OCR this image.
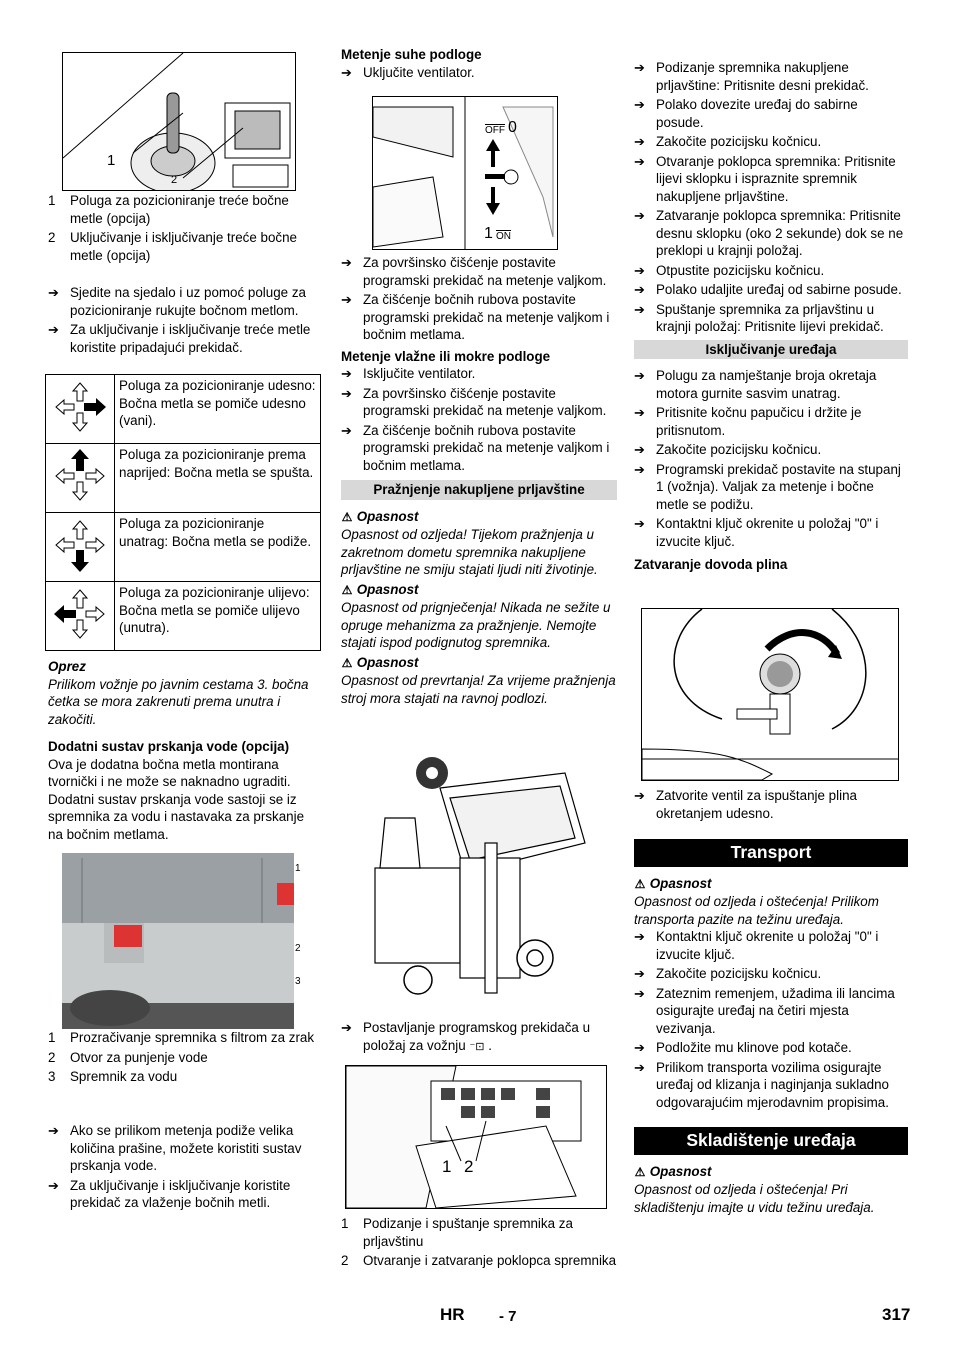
1
2
1 Poluga za pozicioniranje treće bočne metle (opcija)
2 Uključivanje i isključivanje treće bočne metle (opcija)
➔ Sjedite na sjedalo i uz pomoć poluge za pozicioniranje rukujte bočnom metlom.
➔ Za uključivanje i isključivanje treće metle koristite pripadajući prekidač.
	Poluga za pozicioniranje udesno: Bočna metla se pomiče udesno (vani).
	Poluga za pozicioniranje prema naprijed: Bočna metla se spušta.
	Poluga za pozicioniranje unatrag: Bočna metla se podiže.
	Poluga za pozicioniranje ulijevo: Bočna metla se pomiče ulijevo (unutra).

Oprez

Prilikom vožnje po javnim cestama 3. bočna četka se mora zakrenuti prema unutra i zakočiti.

Dodatni sustav prskanja vode (opcija)

Ova je dodatna bočna metla montirana tvornički i ne može se naknadno ugraditi. Dodatni sustav prskanja vode sastoji se iz spremnika za vodu i nastavaka za prskanje na bočnim metlama.

1
2
3
1 Prozračivanje spremnika s filtrom za zrak
2 Otvor za punjenje vode
3 Spremnik za vodu
➔ Ako se prilikom metenja podiže velika količina prašine, možete koristiti sustav prskanja vode.
➔ Za uključivanje i isključivanje koristite prekidač za vlaženje bočnih metli.

Metenje suhe podloge

➔ Uključite ventilator.
$\overline{OFF}$ 0
1 $\overline{ON}$
➔ Za površinsko čišćenje postavite programski prekidač na metenje valjkom.
➔ Za čišćenje bočnih rubova postavite programski prekidač na metenje valjkom i bočnim metlama.

Metenje vlažne ili mokre podloge

➔ Isključite ventilator.
➔ Za površinsko čišćenje postavite programski prekidač na metenje valjkom.
➔ Za čišćenje bočnih rubova postavite programski prekidač na metenje valjkom i bočnim metlama.
Pražnjenje nakupljene prljavštine

⚠ Opasnost

Opasnost od ozljeda! Tijekom pražnjenja u zakretnom dometu spremnika nakupljene prljavštine ne smiju stajati ljudi niti životinje.

⚠ Opasnost

Opasnost od prignječenja! Nikada ne sežite u opruge mehanizma za pražnjenje. Nemojte stajati ispod podignutog spremnika.

⚠ Opasnost

Opasnost od prevrtanja! Za vrijeme pražnjenja stroj mora stajati na ravnoj podlozi.

➔ Postavljanje programskog prekidača u položaj za vožnju ⁻⊡ .
1 2
1 Podizanje i spuštanje spremnika za prljavštinu
2 Otvaranje i zatvaranje poklopca spremnika
➔ Podizanje spremnika nakupljene prljavštine: Pritisnite desni prekidač.
➔ Polako dovezite uređaj do sabirne posude.
➔ Zakočite pozicijsku kočnicu.
➔ Otvaranje poklopca spremnika: Pritisnite lijevi sklopku i ispraznite spremnik nakupljene prljavštine.
➔ Zatvaranje poklopca spremnika: Pritisnite desnu sklopku (oko 2 sekunde) dok se ne preklopi u krajnji položaj.
➔ Otpustite pozicijsku kočnicu.
➔ Polako udaljite uređaj od sabirne posude.
➔ Spuštanje spremnika za prljavštinu u krajnji položaj: Pritisnite lijevi prekidač.
Isključivanje uređaja
➔ Polugu za namještanje broja okretaja motora gurnite sasvim unatrag.
➔ Pritisnite kočnu papučicu i držite je pritisnutom.
➔ Zakočite pozicijsku kočnicu.
➔ Programski prekidač postavite na stupanj 1 (vožnja). Valjak za metenje i bočne metle se podižu.
➔ Kontaktni ključ okrenite u položaj "0" i izvucite ključ.

Zatvaranje dovoda plina

➔ Zatvorite ventil za ispuštanje plina okretanjem udesno.
Transport

⚠ Opasnost

Opasnost od ozljeda i oštećenja! Prilikom transporta pazite na težinu uređaja.

➔ Kontaktni ključ okrenite u položaj "0" i izvucite ključ.
➔ Zakočite pozicijsku kočnicu.
➔ Zateznim remenjem, užadima ili lancima osigurajte uređaj na četiri mjesta vezivanja.
➔ Podložite mu klinove pod kotače.
➔ Prilikom transporta vozilima osigurajte uređaj od klizanja i naginjanja sukladno odgovarajućim mjerodavnim propisima.
Skladištenje uređaja

⚠ Opasnost

Opasnost od ozljeda i oštećenja! Pri skladištenju imajte u vidu težinu uređaja.

HR - 7	317
